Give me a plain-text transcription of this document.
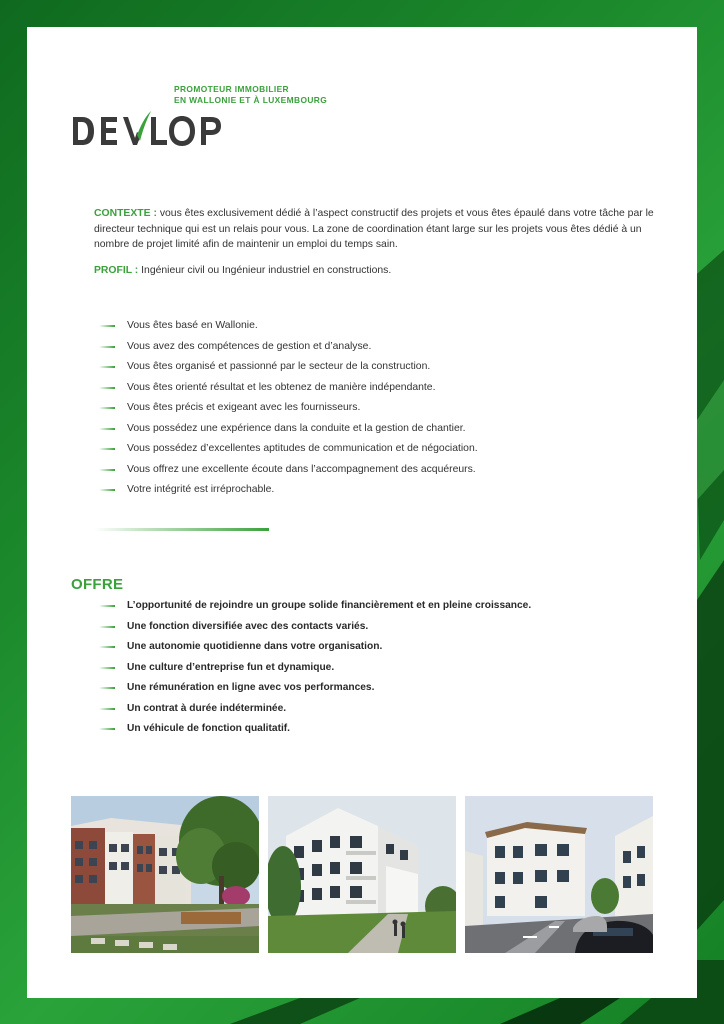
PROMOTEUR IMMOBILIER
EN WALLONIE ET À LUXEMBOURG
CONTEXTE : vous êtes exclusivement dédié à l’aspect constructif des projets et vous êtes épaulé dans votre tâche par le directeur technique qui est un relais pour vous. La zone de coordination étant large sur les projets vous êtes dédié à un nombre de projet limité afin de maintenir un emploi du temps sain.
PROFIL : Ingénieur civil ou Ingénieur industriel en constructions.
Vous êtes basé en Wallonie.
Vous avez des compétences de gestion et d’analyse.
Vous êtes organisé et passionné par le secteur de la construction.
Vous êtes orienté résultat et les obtenez de manière indépendante.
Vous êtes précis et exigeant avec les fournisseurs.
Vous possédez une expérience dans la conduite et la gestion de chantier.
Vous possédez d’excellentes aptitudes de communication et de négociation.
Vous offrez une excellente écoute dans l’accompagnement des acquéreurs.
Votre intégrité est irréprochable.
OFFRE
L’opportunité de rejoindre un groupe solide financièrement et en pleine croissance.
Une fonction diversifiée avec des contacts variés.
Une autonomie quotidienne dans votre organisation.
Une culture d’entreprise fun et dynamique.
Une rémunération en ligne avec vos performances.
Un contrat à durée indéterminée.
Un véhicule de fonction qualitatif.
